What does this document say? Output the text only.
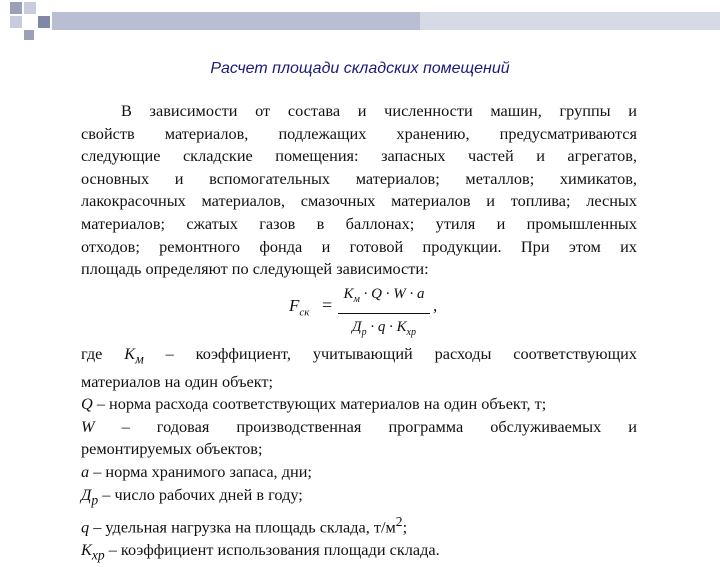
Расчет площади складских помещений

В зависимости от состава и численности машин, группы и

свойств материалов, подлежащих хранению, предусматриваются

следующие складские помещения: запасных частей и агрегатов,

основных и вспомогательных материалов; металлов; химикатов,

лакокрасочных материалов, смазочных материалов и топлива; лесных

материалов; сжатых газов в баллонах; утиля и промышленных

отходов; ремонтного фонда и готовой продукции. При этом их

площадь определяют по следующей зависимости:

$F_{ск}$ =
$К_м \cdot Q \cdot W \cdot a$
$Д_р \cdot q \cdot К_{хр}$
,

где $К_м$ – коэффициент, учитывающий расходы соответствующих

материалов на один объект;

Q – норма расхода соответствующих материалов на один объект, т;

W – годовая производственная программа обслуживаемых и

ремонтируемых объектов;

a – норма хранимого запаса, дни;

$Д_р$ – число рабочих дней в году;

q – удельная нагрузка на площадь склада, $т/м^2$;

$К_{хр}$ – коэффициент использования площади склада.
